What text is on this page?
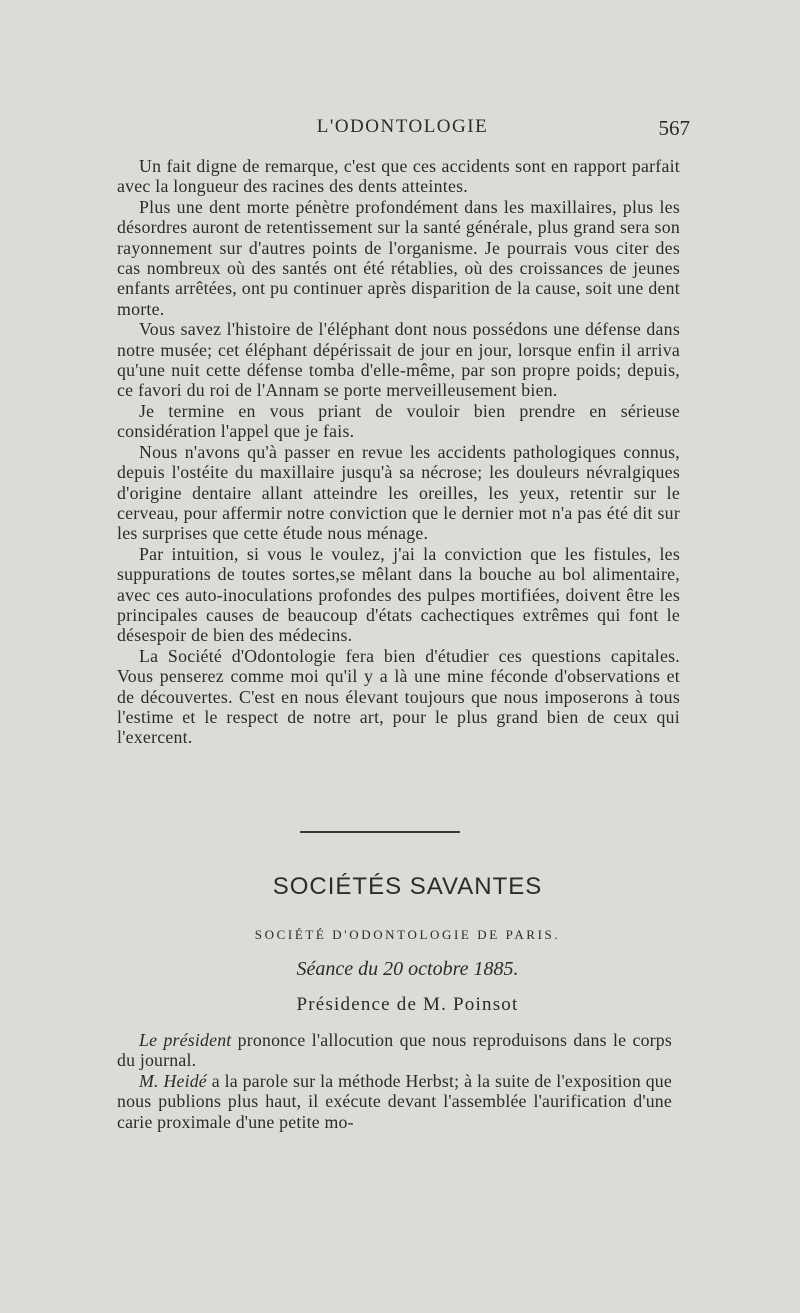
L'ODONTOLOGIE	567

Un fait digne de remarque, c'est que ces accidents sont en rapport parfait avec la longueur des racines des dents atteintes.

Plus une dent morte pénètre profondément dans les maxillaires, plus les désordres auront de retentissement sur la santé générale, plus grand sera son rayonnement sur d'autres points de l'organisme. Je pourrais vous citer des cas nombreux où des santés ont été rétablies, où des croissances de jeunes enfants arrêtées, ont pu continuer après disparition de la cause, soit une dent morte.

Vous savez l'histoire de l'éléphant dont nous possédons une défense dans notre musée; cet éléphant dépérissait de jour en jour, lorsque enfin il arriva qu'une nuit cette défense tomba d'elle-même, par son propre poids; depuis, ce favori du roi de l'Annam se porte merveilleusement bien.

Je termine en vous priant de vouloir bien prendre en sérieuse considération l'appel que je fais.

Nous n'avons qu'à passer en revue les accidents pathologiques connus, depuis l'ostéite du maxillaire jusqu'à sa nécrose; les douleurs névralgiques d'origine dentaire allant atteindre les oreilles, les yeux, retentir sur le cerveau, pour affermir notre conviction que le dernier mot n'a pas été dit sur les surprises que cette étude nous ménage.

Par intuition, si vous le voulez, j'ai la conviction que les fistules, les suppurations de toutes sortes,se mêlant dans la bouche au bol alimentaire, avec ces auto-inoculations profondes des pulpes mortifiées, doivent être les principales causes de beaucoup d'états cachectiques extrêmes qui font le désespoir de bien des médecins.

La Société d'Odontologie fera bien d'étudier ces questions capitales. Vous penserez comme moi qu'il y a là une mine féconde d'observations et de découvertes. C'est en nous élevant toujours que nous imposerons à tous l'estime et le respect de notre art, pour le plus grand bien de ceux qui l'exercent.

SOCIÉTÉS SAVANTES
SOCIÉTÉ D'ODONTOLOGIE DE PARIS.
Séance du 20 octobre 1885.
Présidence de M. Poinsot

Le président prononce l'allocution que nous reproduisons dans le corps du journal.

M. Heidé a la parole sur la méthode Herbst; à la suite de l'exposition que nous publions plus haut, il exécute devant l'assemblée l'aurification d'une carie proximale d'une petite mo-
